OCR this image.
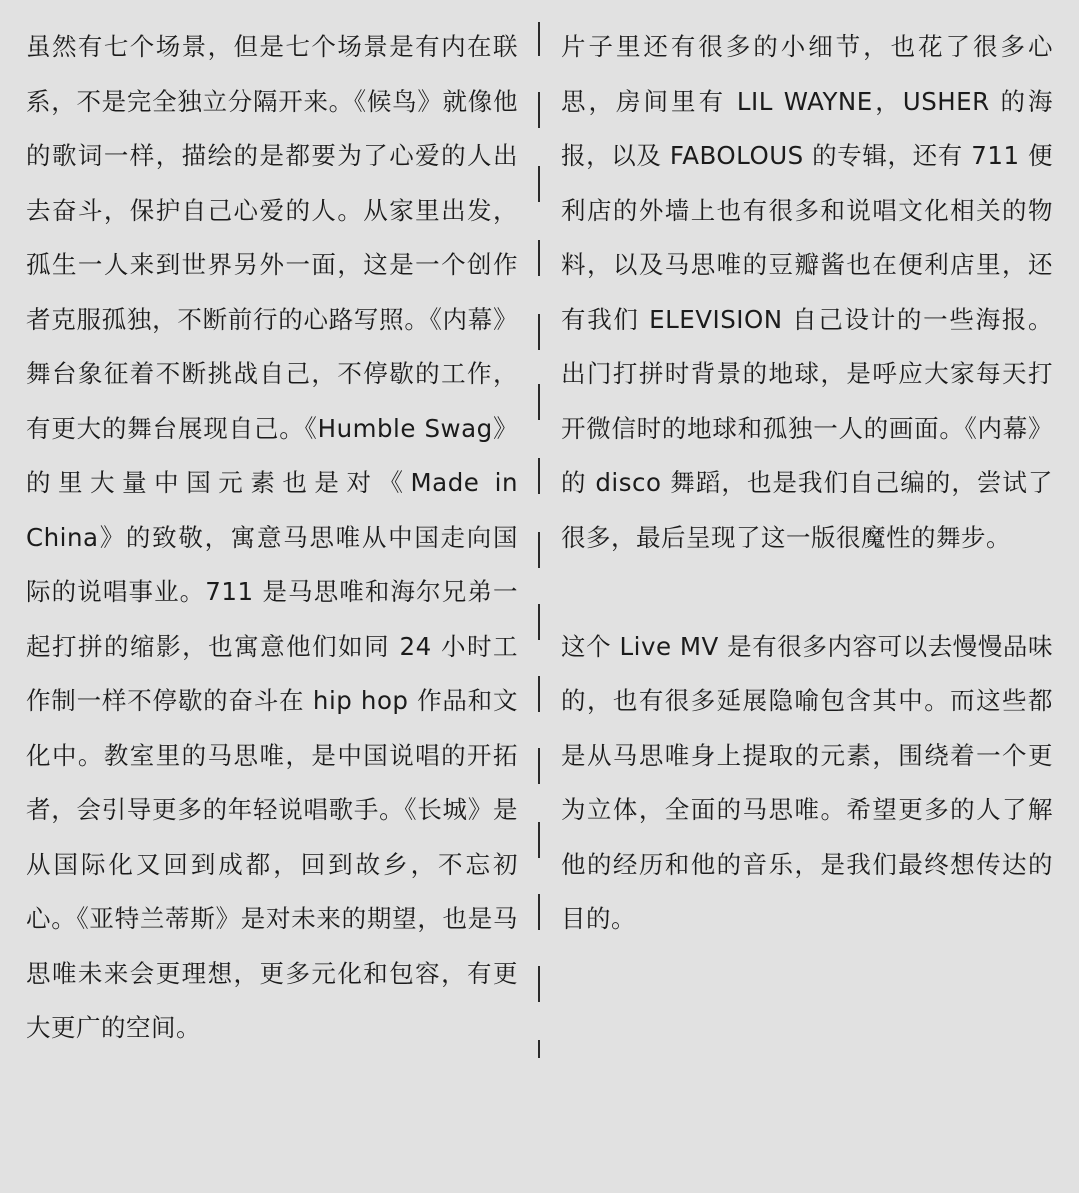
虽然有七个场景，但是七个场景是有内在联系，不是完全独立分隔开来。《候鸟》就像他的歌词一样，描绘的是都要为了心爱的人出去奋斗，保护自己心爱的人。从家里出发，孤生一人来到世界另外一面，这是一个创作者克服孤独，不断前行的心路写照。《内幕》舞台象征着不断挑战自己，不停歇的工作，有更大的舞台展现自己。《Humble Swag》的里大量中国元素也是对《Made in China》的致敬，寓意马思唯从中国走向国际的说唱事业。711 是马思唯和海尔兄弟一起打拼的缩影，也寓意他们如同 24 小时工作制一样不停歇的奋斗在 hip hop 作品和文化中。教室里的马思唯，是中国说唱的开拓者，会引导更多的年轻说唱歌手。《长城》是从国际化又回到成都，回到故乡，不忘初心。《亚特兰蒂斯》是对未来的期望，也是马思唯未来会更理想，更多元化和包容，有更大更广的空间。

片子里还有很多的小细节，也花了很多心思，房间里有 LIL WAYNE，USHER 的海报，以及 FABOLOUS 的专辑，还有 711 便利店的外墙上也有很多和说唱文化相关的物料，以及马思唯的豆瓣酱也在便利店里，还有我们 ELEVISION 自己设计的一些海报。出门打拼时背景的地球，是呼应大家每天打开微信时的地球和孤独一人的画面。《内幕》的 disco 舞蹈，也是我们自己编的，尝试了很多，最后呈现了这一版很魔性的舞步。

这个 Live MV 是有很多内容可以去慢慢品味的，也有很多延展隐喻包含其中。而这些都是从马思唯身上提取的元素，围绕着一个更为立体，全面的马思唯。希望更多的人了解他的经历和他的音乐，是我们最终想传达的目的。
